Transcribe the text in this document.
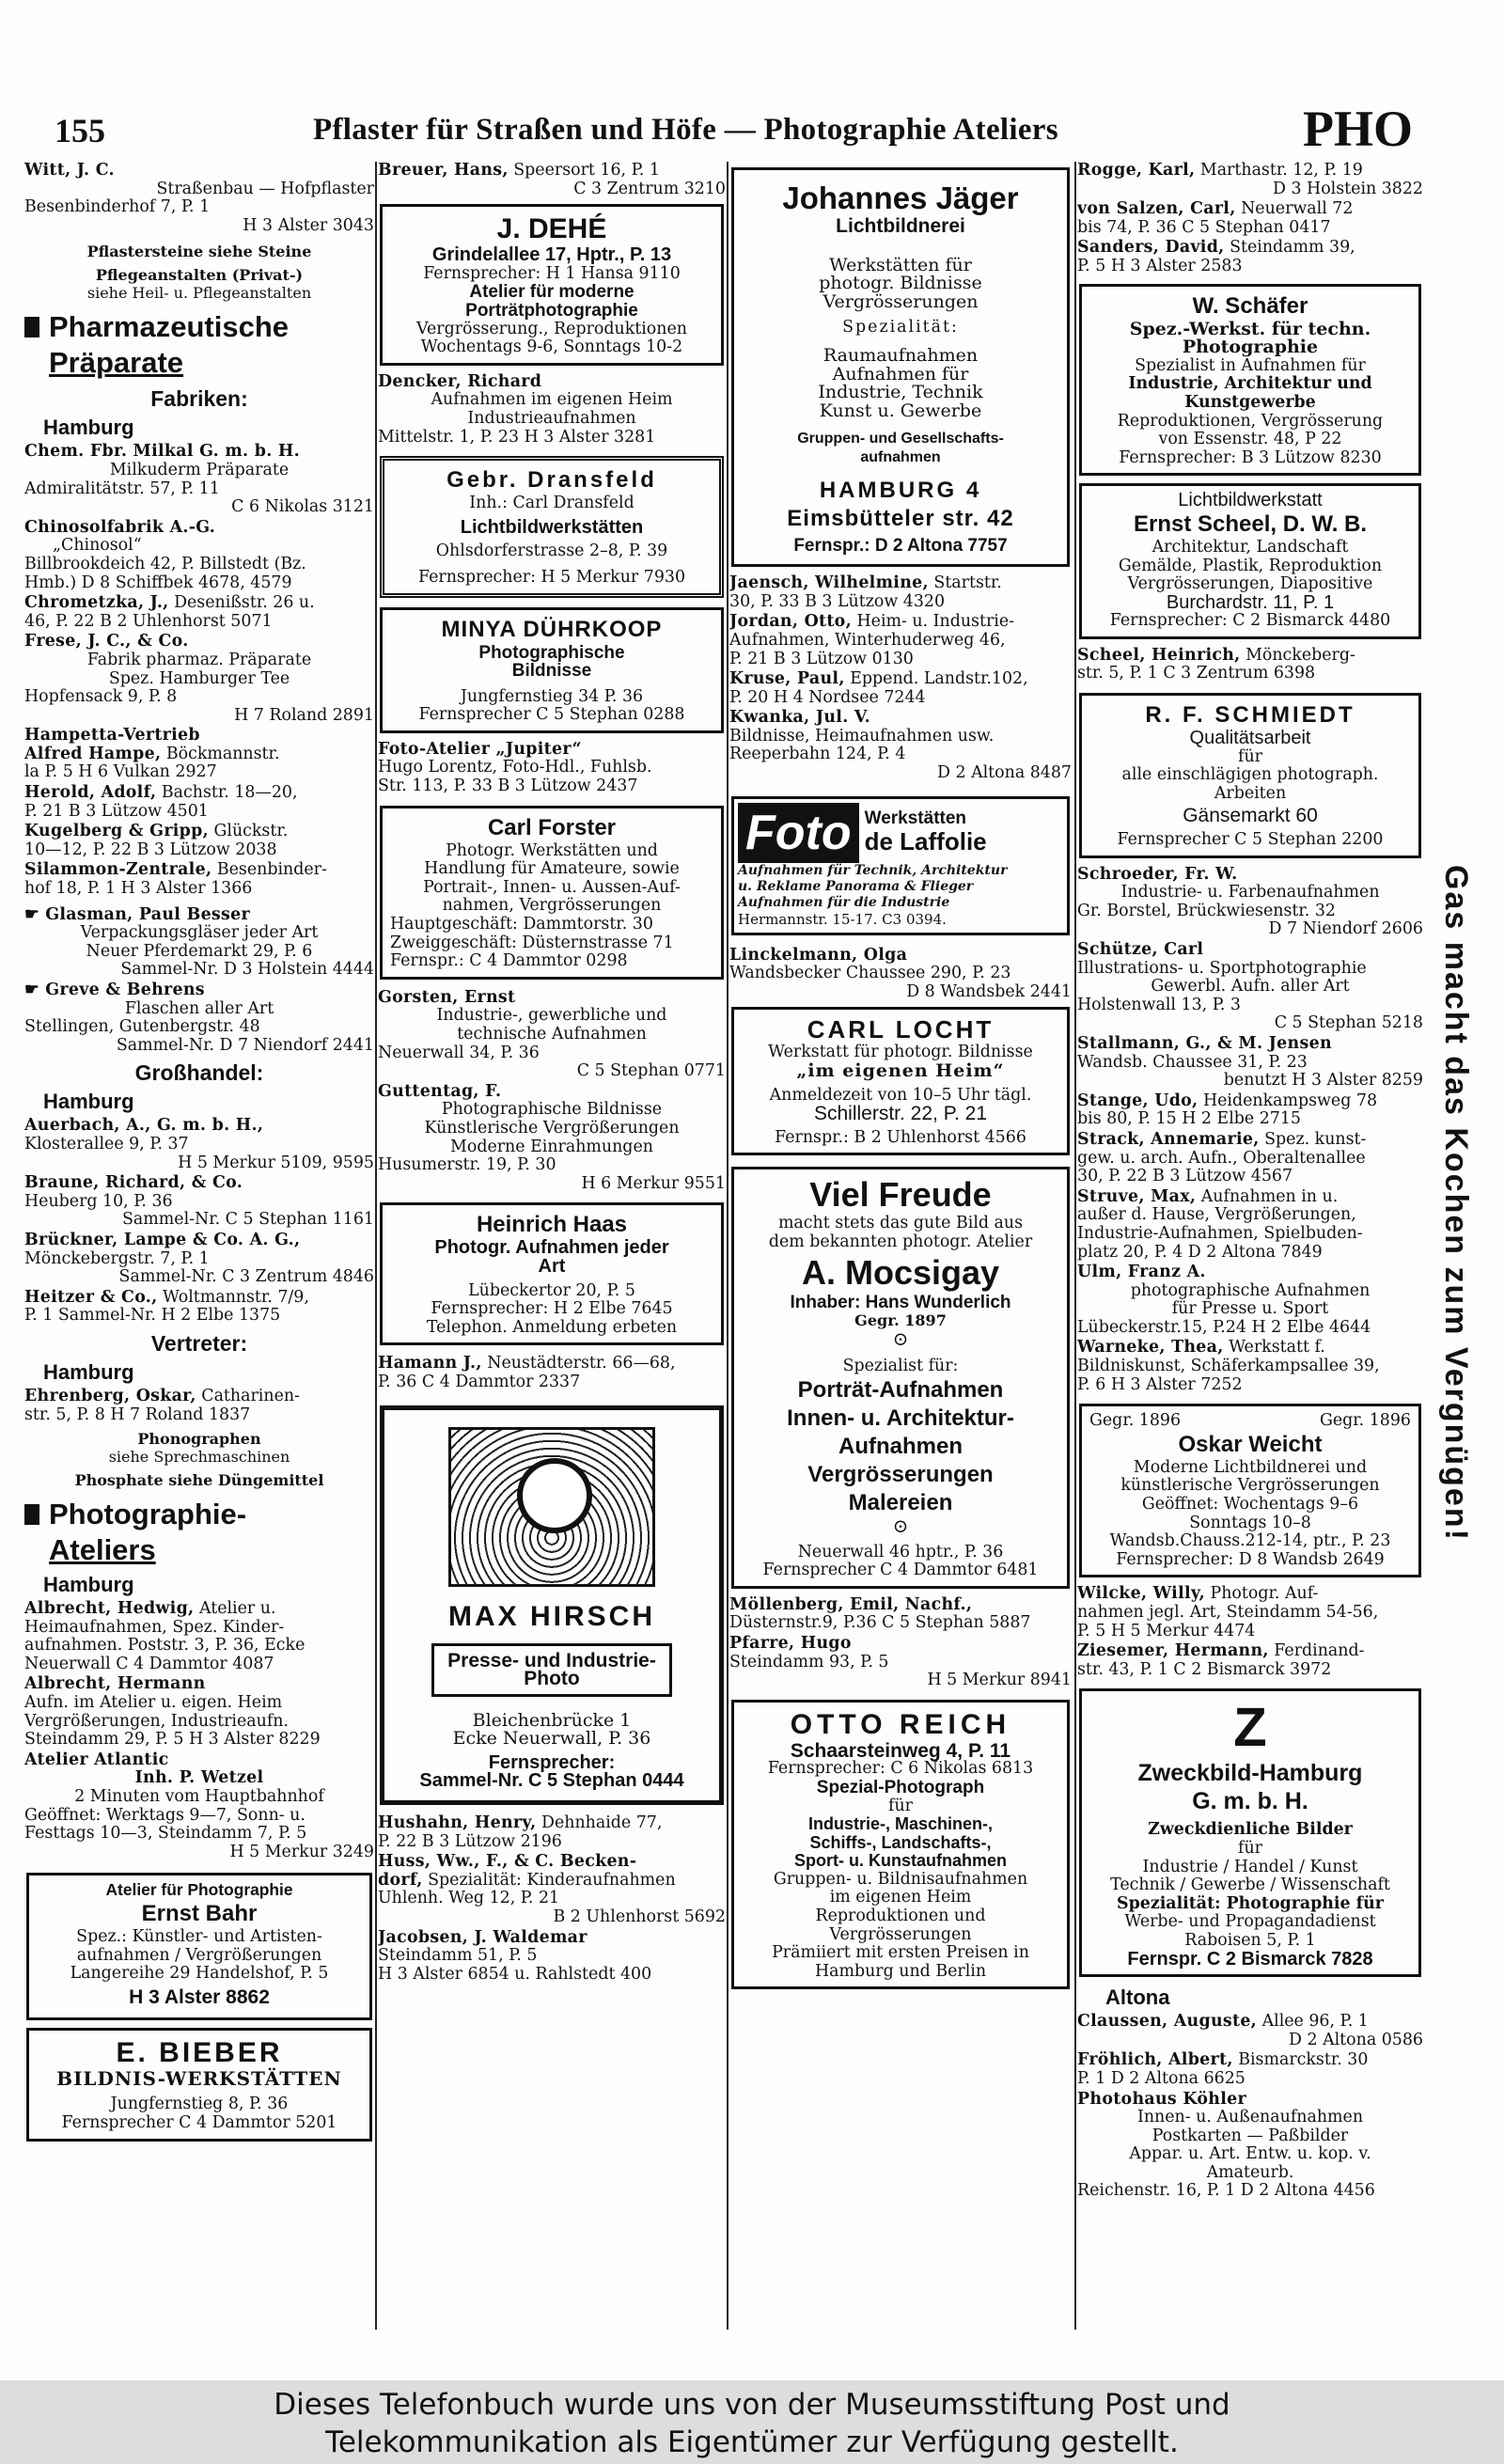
155	Pflaster für Straßen und Höfe — Photographie Ateliers	PHO
Witt, J. C.
Straßenbau — Hofpflaster
Besenbinderhof 7, P. 1
H 3 Alster 3043
Pflastersteine siehe Steine
Pflegeanstalten (Privat-)
siehe Heil- u. Pflegeanstalten
Pharmazeutische
Präparate
Fabriken:
Hamburg
Chem. Fbr. Milkal G. m. b. H.
Milkuderm Präparate
Admiralitätstr. 57, P. 11
C 6 Nikolas 3121
Chinosolfabrik A.-G.
„Chinosol“
Billbrookdeich 42, P. Billstedt (Bz.
Hmb.) D 8 Schiffbek 4678, 4579
Chrometzka, J., Desenißstr. 26 u.
46, P. 22 B 2 Uhlenhorst 5071
Frese, J. C., & Co.
Fabrik pharmaz. Präparate
Spez. Hamburger Tee
Hopfensack 9, P. 8
H 7 Roland 2891
Hampetta-Vertrieb
Alfred Hampe, Böckmannstr.
la P. 5 H 6 Vulkan 2927
Herold, Adolf, Bachstr. 18—20,
P. 21 B 3 Lützow 4501
Kugelberg & Gripp, Glückstr.
10—12, P. 22 B 3 Lützow 2038
Silammon-Zentrale, Besenbinder-
hof 18, P. 1 H 3 Alster 1366
☛ Glasman, Paul Besser
Verpackungsgläser jeder Art
Neuer Pferdemarkt 29, P. 6
Sammel-Nr. D 3 Holstein 4444
☛ Greve & Behrens
Flaschen aller Art
Stellingen, Gutenbergstr. 48
Sammel-Nr. D 7 Niendorf 2441
Großhandel:
Hamburg
Auerbach, A., G. m. b. H.,
Klosterallee 9, P. 37
H 5 Merkur 5109, 9595
Braune, Richard, & Co.
Heuberg 10, P. 36
Sammel-Nr. C 5 Stephan 1161
Brückner, Lampe & Co. A. G.,
Mönckebergstr. 7, P. 1
Sammel-Nr. C 3 Zentrum 4846
Heitzer & Co., Woltmannstr. 7/9,
P. 1 Sammel-Nr. H 2 Elbe 1375
Vertreter:
Hamburg
Ehrenberg, Oskar, Catharinen-
str. 5, P. 8 H 7 Roland 1837
Phonographen
siehe Sprechmaschinen
Phosphate siehe Düngemittel
Photographie-
Ateliers
Hamburg
Albrecht, Hedwig, Atelier u.
Heimaufnahmen, Spez. Kinder-
aufnahmen. Poststr. 3, P. 36, Ecke
Neuerwall C 4 Dammtor 4087
Albrecht, Hermann
Aufn. im Atelier u. eigen. Heim
Vergrößerungen, Industrieaufn.
Steindamm 29, P. 5 H 3 Alster 8229
Atelier Atlantic
Inh. P. Wetzel
2 Minuten vom Hauptbahnhof
Geöffnet: Werktags 9—7, Sonn- u.
Festtags 10—3, Steindamm 7, P. 5
H 5 Merkur 3249
Atelier für Photographie
Ernst Bahr
Spez.: Künstler- und Artisten-
aufnahmen / Vergrößerungen
Langereihe 29 Handelshof, P. 5
H 3 Alster 8862
E. BIEBER
BILDNIS-WERKSTÄTTEN
Jungfernstieg 8, P. 36
Fernsprecher C 4 Dammtor 5201
Breuer, Hans, Speersort 16, P. 1
C 3 Zentrum 3210
J. DEHÉ
Grindelallee 17, Hptr., P. 13
Fernsprecher: H 1 Hansa 9110
Atelier für moderne
Porträtphotographie
Vergrösserung., Reproduktionen
Wochentags 9-6, Sonntags 10-2
Dencker, Richard
Aufnahmen im eigenen Heim
Industrieaufnahmen
Mittelstr. 1, P. 23 H 3 Alster 3281
Gebr. Dransfeld
Inh.: Carl Dransfeld
Lichtbildwerkstätten
Ohlsdorferstrasse 2–8, P. 39
Fernsprecher: H 5 Merkur 7930
MINYA DÜHRKOOP
Photographische
Bildnisse
Jungfernstieg 34 P. 36
Fernsprecher C 5 Stephan 0288
Foto-Atelier „Jupiter“
Hugo Lorentz, Foto-Hdl., Fuhlsb.
Str. 113, P. 33 B 3 Lützow 2437
Carl Forster
Photogr. Werkstätten und
Handlung für Amateure, sowie
Portrait-, Innen- u. Aussen-Auf-
nahmen, Vergrösserungen
Hauptgeschäft: Dammtorstr. 30
Zweiggeschäft: Düsternstrasse 71
Fernspr.: C 4 Dammtor 0298
Gorsten, Ernst
Industrie-, gewerbliche und
technische Aufnahmen
Neuerwall 34, P. 36
C 5 Stephan 0771
Guttentag, F.
Photographische Bildnisse
Künstlerische Vergrößerungen
Moderne Einrahmungen
Husumerstr. 19, P. 30
H 6 Merkur 9551
Heinrich Haas
Photogr. Aufnahmen jeder
Art
Lübeckertor 20, P. 5
Fernsprecher: H 2 Elbe 7645
Telephon. Anmeldung erbeten
Hamann J., Neustädterstr. 66—68,
P. 36 C 4 Dammtor 2337
MAX HIRSCH
Presse- und Industrie-
Photo
Bleichenbrücke 1
Ecke Neuerwall, P. 36
Fernsprecher:
Sammel-Nr. C 5 Stephan 0444
Hushahn, Henry, Dehnhaide 77,
P. 22 B 3 Lützow 2196
Huss, Ww., F., & C. Becken-
dorf, Spezialität: Kinderaufnahmen
Uhlenh. Weg 12, P. 21
B 2 Uhlenhorst 5692
Jacobsen, J. Waldemar
Steindamm 51, P. 5
H 3 Alster 6854 u. Rahlstedt 400
Johannes Jäger
Lichtbildnerei
Werkstätten für
photogr. Bildnisse
Vergrösserungen
Spezialität:
Raumaufnahmen
Aufnahmen für
Industrie, Technik
Kunst u. Gewerbe
Gruppen- und Gesellschafts-
aufnahmen
HAMBURG 4
Eimsbütteler str. 42
Fernspr.: D 2 Altona 7757
Jaensch, Wilhelmine, Startstr.
30, P. 33 B 3 Lützow 4320
Jordan, Otto, Heim- u. Industrie-
Aufnahmen, Winterhuderweg 46,
P. 21 B 3 Lützow 0130
Kruse, Paul, Eppend. Landstr.102,
P. 20 H 4 Nordsee 7244
Kwanka, Jul. V.
Bildnisse, Heimaufnahmen usw.
Reeperbahn 124, P. 4
D 2 Altona 8487
Foto Werkstätten
de Laffolie
Aufnahmen für Technik, Architektur
u. Reklame Panorama & Flieger
Aufnahmen für die Industrie
Hermannstr. 15-17. C3 0394.
Linckelmann, Olga
Wandsbecker Chaussee 290, P. 23
D 8 Wandsbek 2441
CARL LOCHT
Werkstatt für photogr. Bildnisse
„im eigenen Heim“
Anmeldezeit von 10–5 Uhr tägl.
Schillerstr. 22, P. 21
Fernspr.: B 2 Uhlenhorst 4566
Viel Freude
macht stets das gute Bild aus
dem bekannten photogr. Atelier
A. Mocsigay
Inhaber: Hans Wunderlich
Gegr. 1897
⊙
Spezialist für:
Porträt-Aufnahmen
Innen- u. Architektur-
Aufnahmen
Vergrösserungen
Malereien
⊙
Neuerwall 46 hptr., P. 36
Fernsprecher C 4 Dammtor 6481
Möllenberg, Emil, Nachf.,
Düsternstr.9, P.36 C 5 Stephan 5887
Pfarre, Hugo
Steindamm 93, P. 5
H 5 Merkur 8941
OTTO REICH
Schaarsteinweg 4, P. 11
Fernsprecher: C 6 Nikolas 6813
Spezial-Photograph
für
Industrie-, Maschinen-,
Schiffs-, Landschafts-,
Sport- u. Kunstaufnahmen
Gruppen- u. Bildnisaufnahmen
im eigenen Heim
Reproduktionen und
Vergrösserungen
Prämiiert mit ersten Preisen in
Hamburg und Berlin
Rogge, Karl, Marthastr. 12, P. 19
D 3 Holstein 3822
von Salzen, Carl, Neuerwall 72
bis 74, P. 36 C 5 Stephan 0417
Sanders, David, Steindamm 39,
P. 5 H 3 Alster 2583
W. Schäfer
Spez.-Werkst. für techn.
Photographie
Spezialist in Aufnahmen für
Industrie, Architektur und
Kunstgewerbe
Reproduktionen, Vergrösserung
von Essenstr. 48, P 22
Fernsprecher: B 3 Lützow 8230
Lichtbildwerkstatt
Ernst Scheel, D. W. B.
Architektur, Landschaft
Gemälde, Plastik, Reproduktion
Vergrösserungen, Diapositive
Burchardstr. 11, P. 1
Fernsprecher: C 2 Bismarck 4480
Scheel, Heinrich, Mönckeberg-
str. 5, P. 1 C 3 Zentrum 6398
R. F. SCHMIEDT
Qualitätsarbeit
für
alle einschlägigen photograph.
Arbeiten
Gänsemarkt 60
Fernsprecher C 5 Stephan 2200
Schroeder, Fr. W.
Industrie- u. Farbenaufnahmen
Gr. Borstel, Brückwiesenstr. 32
D 7 Niendorf 2606
Schütze, Carl
Illustrations- u. Sportphotographie
Gewerbl. Aufn. aller Art
Holstenwall 13, P. 3
C 5 Stephan 5218
Stallmann, G., & M. Jensen
Wandsb. Chaussee 31, P. 23
benutzt H 3 Alster 8259
Stange, Udo, Heidenkampsweg 78
bis 80, P. 15 H 2 Elbe 2715
Strack, Annemarie, Spez. kunst-
gew. u. arch. Aufn., Oberaltenallee
30, P. 22 B 3 Lützow 4567
Struve, Max, Aufnahmen in u.
außer d. Hause, Vergrößerungen,
Industrie-Aufnahmen, Spielbuden-
platz 20, P. 4 D 2 Altona 7849
Ulm, Franz A.
photographische Aufnahmen
für Presse u. Sport
Lübeckerstr.15, P.24 H 2 Elbe 4644
Warneke, Thea, Werkstatt f.
Bildniskunst, Schäferkampsallee 39,
P. 6 H 3 Alster 7252
Gegr. 1896	Gegr. 1896
Oskar Weicht
Moderne Lichtbildnerei und
künstlerische Vergrösserungen
Geöffnet: Wochentags 9–6
Sonntags 10–8
Wandsb.Chauss.212-14, ptr., P. 23
Fernsprecher: D 8 Wandsb 2649
Wilcke, Willy, Photogr. Auf-
nahmen jegl. Art, Steindamm 54-56,
P. 5 H 5 Merkur 4474
Ziesemer, Hermann, Ferdinand-
str. 43, P. 1 C 2 Bismarck 3972
Z
Zweckbild-Hamburg
G. m. b. H.
Zweckdienliche Bilder
für
Industrie / Handel / Kunst
Technik / Gewerbe / Wissenschaft
Spezialität: Photographie für
Werbe- und Propagandadienst
Raboisen 5, P. 1
Fernspr. C 2 Bismarck 7828
Altona
Claussen, Auguste, Allee 96, P. 1
D 2 Altona 0586
Fröhlich, Albert, Bismarckstr. 30
P. 1 D 2 Altona 6625
Photohaus Köhler
Innen- u. Außenaufnahmen
Postkarten — Paßbilder
Appar. u. Art. Entw. u. kop. v.
Amateurb.
Reichenstr. 16, P. 1 D 2 Altona 4456
Gas macht das Kochen zum Vergnügen!
Dieses Telefonbuch wurde uns von der Museumsstiftung Post und
Telekommunikation als Eigentümer zur Verfügung gestellt.
